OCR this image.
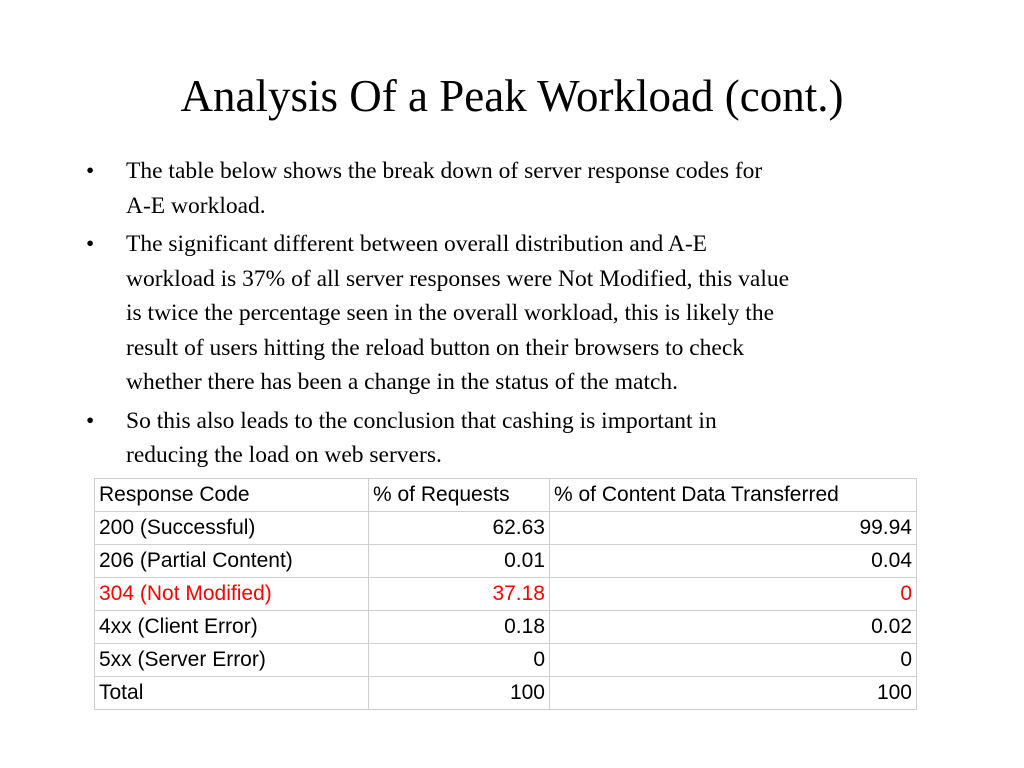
Analysis Of a Peak Workload (cont.)
•	The table below shows the break down of server response codes for
A-E workload.
•	The significant different between overall distribution and A-E
workload is 37% of all server responses were Not Modified, this value
is twice the percentage seen in the overall workload, this is likely the
result of users hitting the reload button on their browsers to check
whether there has been a change in the status of the match.
•	So this also leads to the conclusion that cashing is important in
reducing the load on web servers.
Response Code	% of Requests	% of Content Data Transferred
200 (Successful)	62.63	99.94
206 (Partial Content)	0.01	0.04
304 (Not Modified)	37.18	0
4xx (Client Error)	0.18	0.02
5xx (Server Error)	0	0
Total	100	100
